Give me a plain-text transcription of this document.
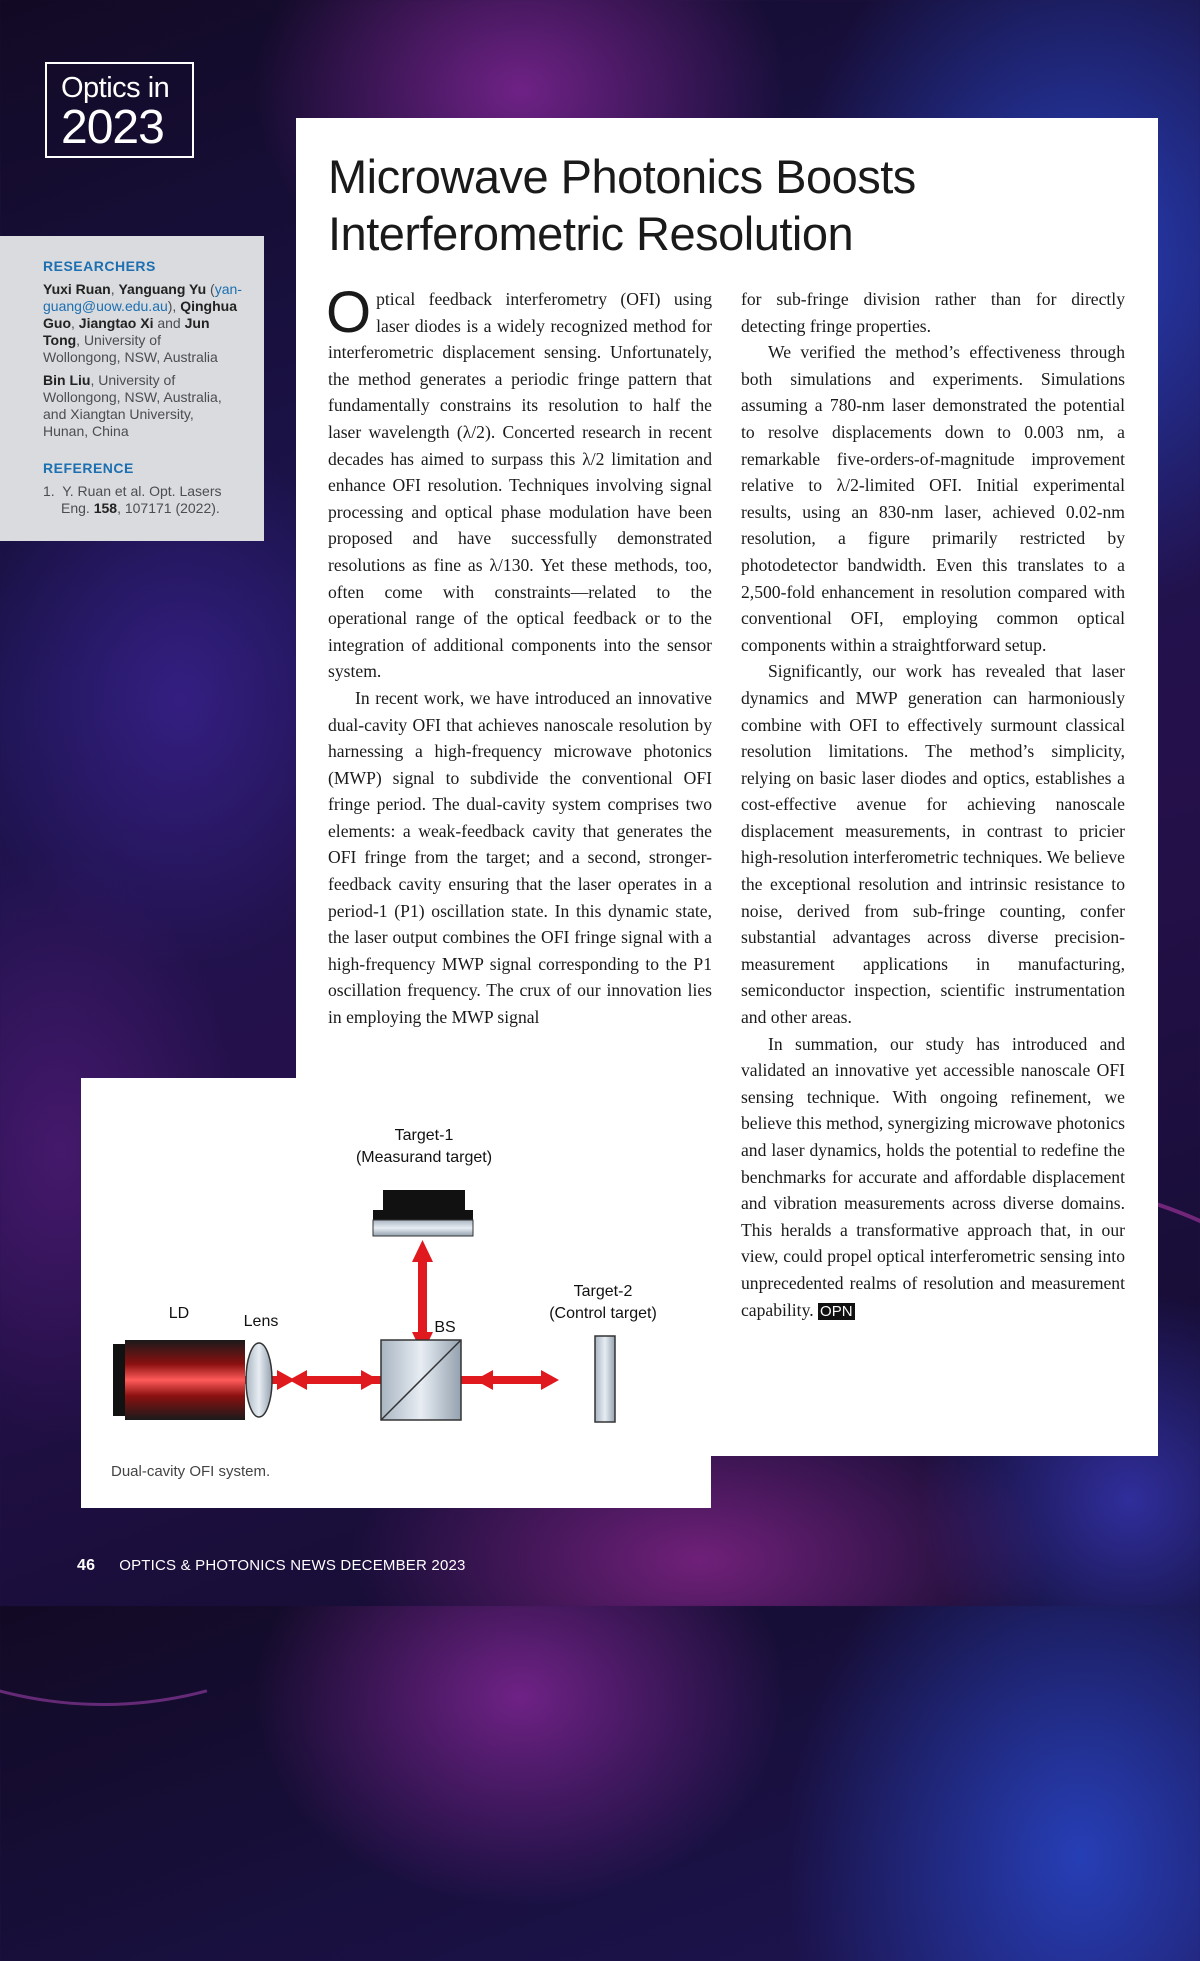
Optics in
2023
RESEARCHERS
Yuxi Ruan, Yanguang Yu (yan-guang@uow.edu.au), Qinghua Guo, Jiangtao Xi and Jun Tong, University of Wollongong, NSW, Australia
Bin Liu, University of Wollongong, NSW, Australia, and Xiangtan University, Hunan, China
REFERENCE
1.  Y. Ruan et al. Opt. Lasers Eng. 158, 107171 (2022).
Microwave Photonics Boosts
Interferometric Resolution

Optical feedback interferometry (OFI) using laser diodes is a widely recognized method for interferometric displacement sensing. Unfortunately, the method generates a periodic fringe pattern that fundamentally constrains its resolution to half the laser wavelength (λ/2). Concerted research in recent decades has aimed to surpass this λ/2 limitation and enhance OFI resolution. Techniques involving signal processing and optical phase modulation have been proposed and have successfully demonstrated resolutions as fine as λ/130. Yet these methods, too, often come with constraints—related to the operational range of the optical feedback or to the integration of additional components into the sensor system.

In recent work, we have introduced an innovative dual-cavity OFI that achieves nanoscale resolution by harnessing a high-frequency microwave photonics (MWP) signal to subdivide the conventional OFI fringe period. The dual-cavity system comprises two elements: a weak-feedback cavity that generates the OFI fringe from the target; and a second, stronger-feedback cavity ensuring that the laser operates in a period-1 (P1) oscillation state. In this dynamic state, the laser output combines the OFI fringe signal with a high-frequency MWP signal corresponding to the P1 oscillation frequency. The crux of our innovation lies in employing the MWP signal

for sub-fringe division rather than for directly detecting fringe properties.

We verified the method’s effectiveness through both simulations and experiments. Simulations assuming a 780-nm laser demonstrated the potential to resolve displacements down to 0.003 nm, a remarkable five-orders-of-magnitude improvement relative to λ/2-limited OFI. Initial experimental results, using an 830-nm laser, achieved 0.02-nm resolution, a figure primarily restricted by photodetector bandwidth. Even this translates to a 2,500-fold enhancement in resolution compared with conventional OFI, employing common optical components within a straightforward setup.

Significantly, our work has revealed that laser dynamics and MWP generation can harmoniously combine with OFI to effectively surmount classical resolution limitations. The method’s simplicity, relying on basic laser diodes and optics, establishes a cost-effective avenue for achieving nanoscale displacement measurements, in contrast to pricier high-resolution interferometric techniques. We believe the exceptional resolution and intrinsic resistance to noise, derived from sub-fringe counting, confer substantial advantages across diverse precision-measurement applications in manufacturing, semiconductor inspection, scientific instrumentation and other areas.

In summation, our study has introduced and validated an innovative yet accessible nanoscale OFI sensing technique. With ongoing refinement, we believe this method, synergizing microwave photonics and laser dynamics, holds the potential to redefine the benchmarks for accurate and affordable displacement and vibration measurements across diverse domains. This heralds a transformative approach that, in our view, could propel optical interferometric sensing into unprecedented realms of resolution and measurement capability. OPN

Target-1
(Measurand target)
LD	Lens	BS
Target-2
(Control target)
Dual-cavity OFI system.
46 OPTICS & PHOTONICS NEWS DECEMBER 2023
